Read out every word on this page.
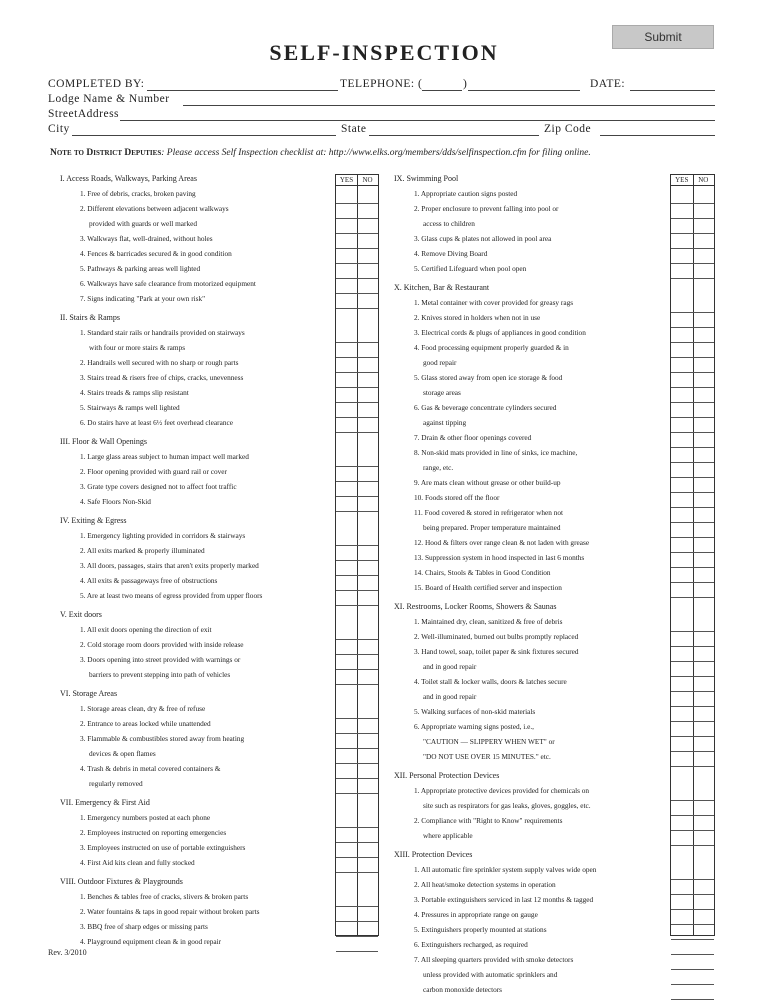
Submit
SELF-INSPECTION
COMPLETED BY:	TELEPHONE: (	)	DATE:
Lodge Name & Number
StreetAddress
City	State	Zip Code
Note to District Deputies: Please access Self Inspection checklist at: http://www.elks.org/members/dds/selfinspection.cfm for filing online.
I. Access Roads, Walkways, Parking Areas
1. Free of debris, cracks, broken paving
2. Different elevations between adjacent walkways
provided with guards or well marked
3. Walkways flat, well-drained, without holes
4. Fences & barricades secured & in good condition
5. Pathways & parking areas well lighted
6. Walkways have safe clearance from motorized equipment
7. Signs indicating "Park at your own risk"
II. Stairs & Ramps
1. Standard stair rails or handrails provided on stairways
with four or more stairs & ramps
2. Handrails well secured with no sharp or rough parts
3. Stairs tread & risers free of chips, cracks, unevenness
4. Stairs treads & ramps slip resistant
5. Stairways & ramps well lighted
6. Do stairs have at least 6½ feet overhead clearance
III. Floor & Wall Openings
1. Large glass areas subject to human impact well marked
2. Floor opening provided with guard rail or cover
3. Grate type covers designed not to affect foot traffic
4. Safe Floors Non-Skid
IV. Exiting & Egress
1. Emergency lighting provided in corridors & stairways
2. All exits marked & properly illuminated
3. All doors, passages, stairs that aren't exits properly marked
4. All exits & passageways free of obstructions
5. Are at least two means of egress provided from upper floors
V. Exit doors
1. All exit doors opening the direction of exit
2. Cold storage room doors provided with inside release
3. Doors opening into street provided with warnings or
barriers to prevent stepping into path of vehicles
VI. Storage Areas
1. Storage areas clean, dry & free of refuse
2. Entrance to areas locked while unattended
3. Flammable & combustibles stored away from heating
devices & open flames
4. Trash & debris in metal covered containers &
regularly removed
VII. Emergency & First Aid
1. Emergency numbers posted at each phone
2. Employees instructed on reporting emergencies
3. Employees instructed on use of portable extinguishers
4. First Aid kits clean and fully stocked
VIII. Outdoor Fixtures & Playgrounds
1. Benches & tables free of cracks, slivers & broken parts
2. Water fountains & taps in good repair without broken parts
3. BBQ free of sharp edges or missing parts
4. Playground equipment clean & in good repair
IX. Swimming Pool
1. Appropriate caution signs posted
2. Proper enclosure to prevent falling into pool or
access to children
3. Glass cups & plates not allowed in pool area
4. Remove Diving Board
5. Certified Lifeguard when pool open
X. Kitchen, Bar & Restaurant
1. Metal container with cover provided for greasy rags
2. Knives stored in holders when not in use
3. Electrical cords & plugs of appliances in good condition
4. Food processing equipment properly guarded & in
good repair
5. Glass stored away from open ice storage & food
storage areas
6. Gas & beverage concentrate cylinders secured
against tipping
7. Drain & other floor openings covered
8. Non-skid mats provided in line of sinks, ice machine,
range, etc.
9. Are mats clean without grease or other build-up
10. Foods stored off the floor
11. Food covered & stored in refrigerator when not
being prepared. Proper temperature maintained
12. Hood & filters over range clean & not laden with grease
13. Suppression system in hood inspected in last 6 months
14. Chairs, Stools & Tables in Good Condition
15. Board of Health certified server and inspection
XI. Restrooms, Locker Rooms, Showers & Saunas
1. Maintained dry, clean, sanitized & free of debris
2. Well-illuminated, burned out bulbs promptly replaced
3. Hand towel, soap, toilet paper & sink fixtures secured
and in good repair
4. Toilet stall & locker walls, doors & latches secure
and in good repair
5. Walking surfaces of non-skid materials
6. Appropriate warning signs posted, i.e.,
"CAUTION — SLIPPERY WHEN WET" or
"DO NOT USE OVER 15 MINUTES." etc.
XII. Personal Protection Devices
1. Appropriate protective devices provided for chemicals on
site such as respirators for gas leaks, gloves, goggles, etc.
2. Compliance with "Right to Know" requirements
where applicable
XIII. Protection Devices
1. All automatic fire sprinkler system supply valves wide open
2. All heat/smoke detection systems in operation
3. Portable extinguishers serviced in last 12 months & tagged
4. Pressures in appropriate range on gauge
5. Extinguishers properly mounted at stations
6. Extinguishers recharged, as required
7. All sleeping quarters provided with smoke detectors
unless provided with automatic sprinklers and
carbon monoxide detectors
YES	NO	YES	NO
Rev. 3/2010
